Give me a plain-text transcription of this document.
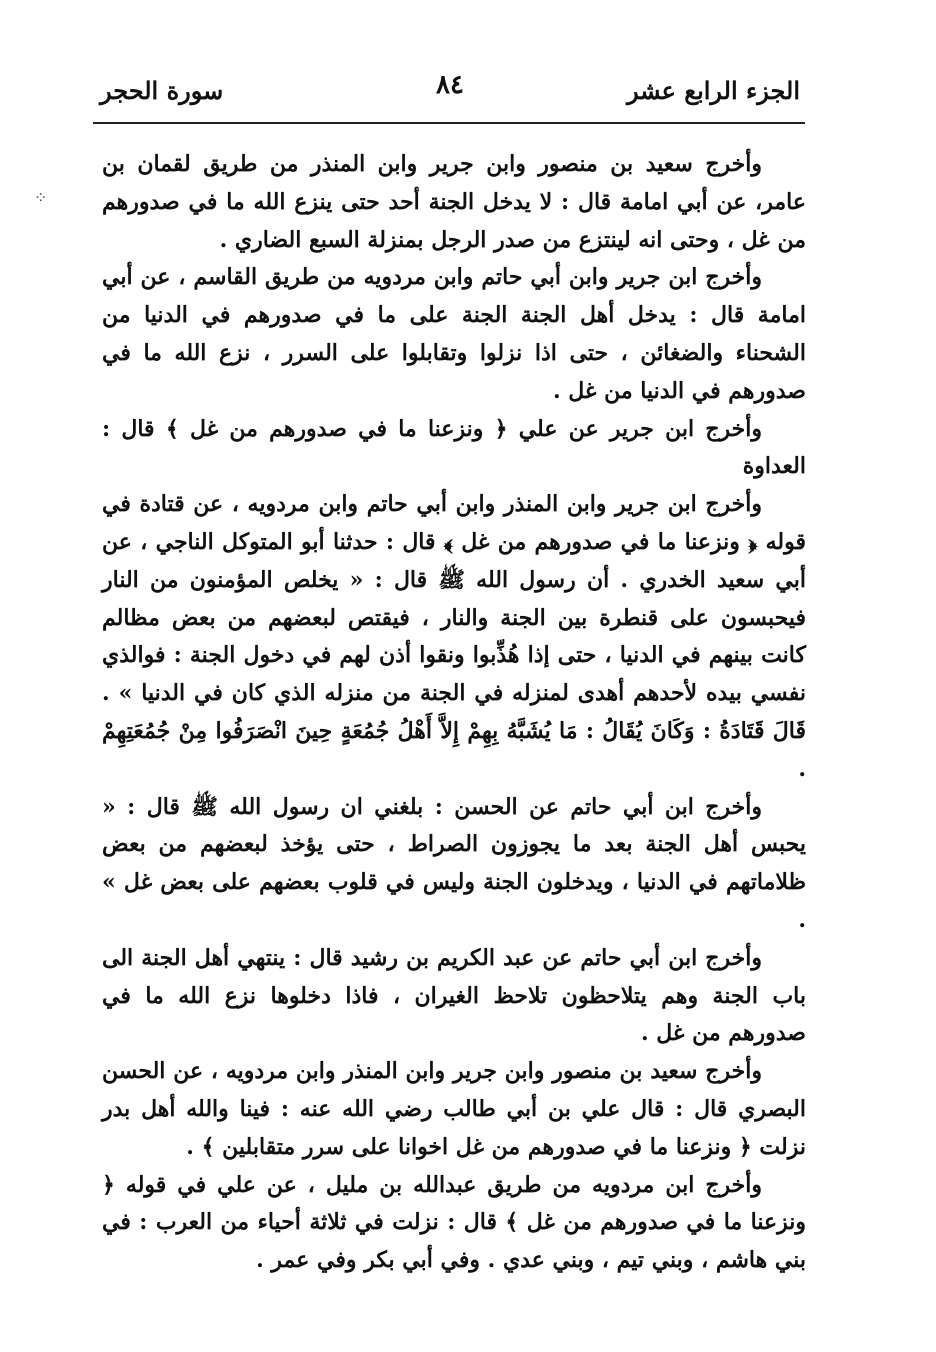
الجزء الرابع عشر
٨٤
سورة الحجر
⁘

وأخرج سعيد بن منصور وابن جرير وابن المنذر من طريق لقمان بن عامر، عن أبي امامة قال : لا يدخل الجنة أحد حتى ينزع الله ما في صدورهم من غل ، وحتى انه لينتزع من صدر الرجل بمنزلة السبع الضاري .

وأخرج ابن جرير وابن أبي حاتم وابن مردويه من طريق القاسم ، عن أبي امامة قال : يدخل أهل الجنة الجنة على ما في صدورهم في الدنيا من الشحناء والضغائن ، حتى اذا نزلوا وتقابلوا على السرر ، نزع الله ما في صدورهم في الدنيا من غل .

وأخرج ابن جرير عن علي ﴿ ونزعنا ما في صدورهم من غل ﴾ قال : العداوة

وأخرج ابن جرير وابن المنذر وابن أبي حاتم وابن مردويه ، عن قتادة في قوله ﴿ ونزعنا ما في صدورهم من غل ﴾ قال : حدثنا أبو المتوكل الناجي ، عن أبي سعيد الخدري . أن رسول الله ﷺ قال : « يخلص المؤمنون من النار فيحبسون على قنطرة بين الجنة والنار ، فيقتص لبعضهم من بعض مظالم كانت بينهم في الدنيا ، حتى إذا هُذِّبوا ونقوا أذن لهم في دخول الجنة : فوالذي نفسي بيده لأحدهم أهدى لمنزله في الجنة من منزله الذي كان في الدنيا » . قَالَ قَتَادَةُ : وَكَانَ يُقَالُ : مَا يُشَبَّهُ بِهِمْ إِلاَّ أَهْلُ جُمُعَةٍ حِينَ انْصَرَفُوا مِنْ جُمُعَتِهِمْ .

وأخرج ابن أبي حاتم عن الحسن : بلغني ان رسول الله ﷺ قال : « يحبس أهل الجنة بعد ما يجوزون الصراط ، حتى يؤخذ لبعضهم من بعض ظلاماتهم في الدنيا ، ويدخلون الجنة وليس في قلوب بعضهم على بعض غل » .

وأخرج ابن أبي حاتم عن عبد الكريم بن رشيد قال : ينتهي أهل الجنة الى باب الجنة وهم يتلاحظون تلاحظ الغيران ، فاذا دخلوها نزع الله ما في صدورهم من غل .

وأخرج سعيد بن منصور وابن جرير وابن المنذر وابن مردويه ، عن الحسن البصري قال : قال علي بن أبي طالب رضي الله عنه : فينا والله أهل بدر نزلت ﴿ ونزعنا ما في صدورهم من غل اخوانا على سرر متقابلين ﴾ .

وأخرج ابن مردويه من طريق عبدالله بن مليل ، عن علي في قوله ﴿ ونزعنا ما في صدورهم من غل ﴾ قال : نزلت في ثلاثة أحياء من العرب : في بني هاشم ، وبني تيم ، وبني عدي . وفي أبي بكر وفي عمر .
